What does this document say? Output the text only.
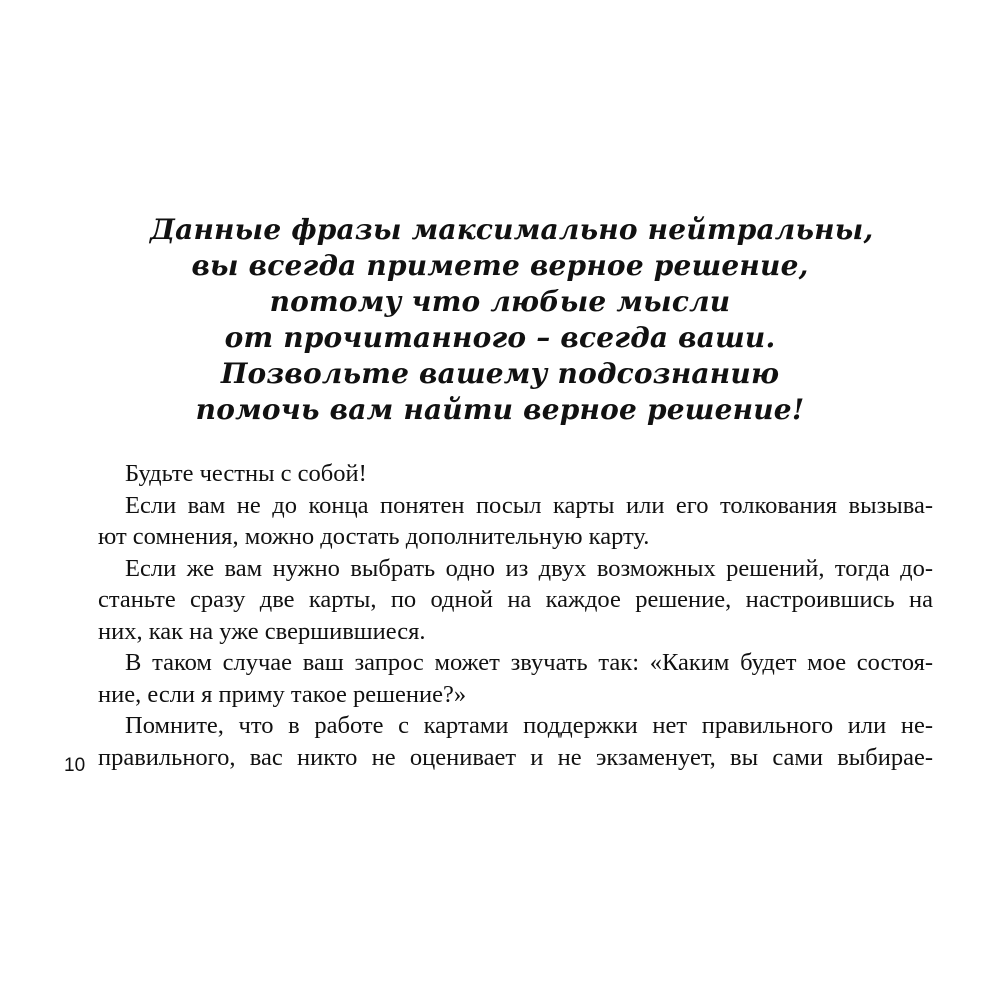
Данные фразы максимально нейтральны,
вы всегда примете верное решение,
потому что любые мысли
от прочитанного – всегда ваши.
Позвольте вашему подсознанию
помочь вам найти верное решение!
Будьте честны с собой!
Если вам не до конца понятен посыл карты или его толкования вызыва-
ют сомнения, можно достать дополнительную карту.
Если же вам нужно выбрать одно из двух возможных решений, тогда до-
станьте сразу две карты, по одной на каждое решение, настроившись на
них, как на уже свершившиеся.
В таком случае ваш запрос может звучать так: «Каким будет мое состоя-
ние, если я приму такое решение?»
Помните, что в работе с картами поддержки нет правильного или не-
правильного, вас никто не оценивает и не экзаменует, вы сами выбирае-
10
